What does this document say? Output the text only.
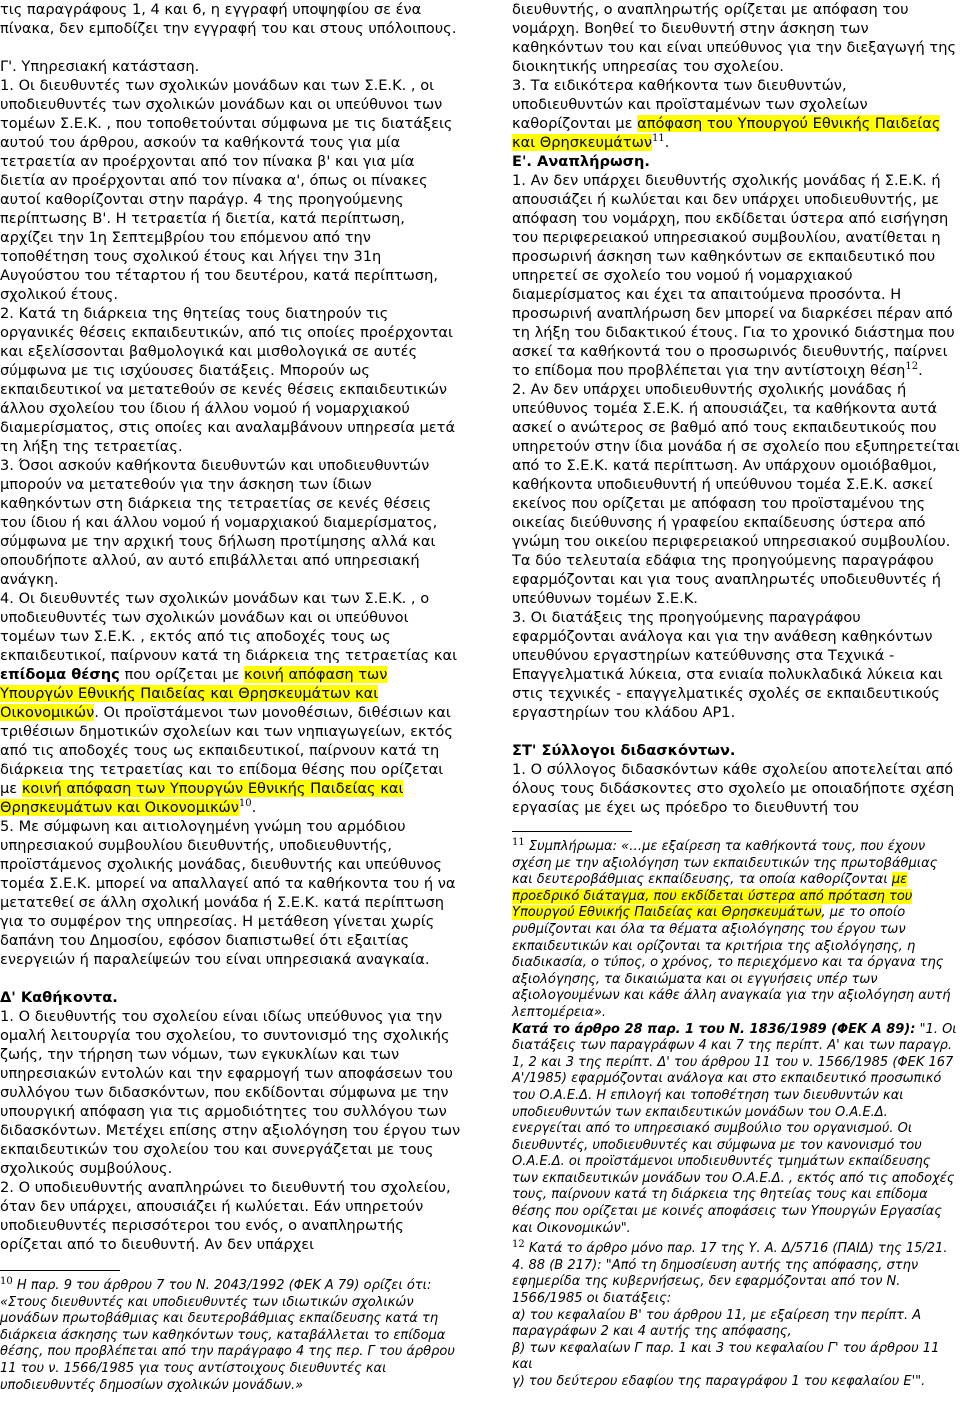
τις παραγράφους 1, 4 και 6, η εγγραφή υποψηφίου σε ένα πίνακα, δεν εμποδίζει την εγγραφή του και στους υπόλοιπους.

Γ'. Υπηρεσιακή κατάσταση.

1. Οι διευθυντές των σχολικών μονάδων και των Σ.Ε.Κ. , οι υποδιευθυντές των σχολικών μονάδων και οι υπεύθυνοι των τομέων Σ.Ε.Κ. , που τοποθετούνται σύμφωνα με τις διατάξεις αυτού του άρθρου, ασκούν τα καθήκοντά τους για μία τετραετία αν προέρχονται από τον πίνακα β' και για μία διετία αν προέρχονται από τον πίνακα α', όπως οι πίνακες αυτοί καθορίζονται στην παράγρ. 4 της προηγούμενης περίπτωσης Β'. Η τετραετία ή διετία, κατά περίπτωση, αρχίζει την 1η Σεπτεμβρίου του επόμενου από την τοποθέτηση τους σχολικού έτους και λήγει την 31η Αυγούστου του τέταρτου ή του δευτέρου, κατά περίπτωση, σχολικού έτους.

2. Κατά τη διάρκεια της θητείας τους διατηρούν τις οργανικές θέσεις εκπαιδευτικών, από τις οποίες προέρχονται και εξελίσσονται βαθμολογικά και μισθολογικά σε αυτές σύμφωνα με τις ισχύουσες διατάξεις. Μπορούν ως εκπαιδευτικοί να μετατεθούν σε κενές θέσεις εκπαιδευτικών άλλου σχολείου του ίδιου ή άλλου νομού ή νομαρχιακού διαμερίσματος, στις οποίες και αναλαμβάνουν υπηρεσία μετά τη λήξη της τετραετίας.

3. Όσοι ασκούν καθήκοντα διευθυντών και υποδιευθυντών μπορούν να μετατεθούν για την άσκηση των ίδιων καθηκόντων στη διάρκεια της τετραετίας σε κενές θέσεις του ίδιου ή και άλλου νομού ή νομαρχιακού διαμερίσματος, σύμφωνα με την αρχική τους δήλωση προτίμησης αλλά και οπουδήποτε αλλού, αν αυτό επιβάλλεται από υπηρεσιακή ανάγκη.

4. Οι διευθυντές των σχολικών μονάδων και των Σ.Ε.Κ. , ο υποδιευθυντές των σχολικών μονάδων και οι υπεύθυνοι τομέων των Σ.Ε.Κ. , εκτός από τις αποδοχές τους ως εκπαιδευτικοί, παίρνουν κατά τη διάρκεια της τετραετίας και επίδομα θέσης που ορίζεται με κοινή απόφαση των Υπουργών Εθνικής Παιδείας και Θρησκευμάτων και Οικονομικών. Οι προϊστάμενοι των μονοθέσιων, διθέσιων και τριθέσιων δημοτικών σχολείων και των νηπιαγωγείων, εκτός από τις αποδοχές τους ως εκπαιδευτικοί, παίρνουν κατά τη διάρκεια της τετραετίας και το επίδομα θέσης που ορίζεται με κοινή απόφαση των Υπουργών Εθνικής Παιδείας και Θρησκευμάτων και Οικονομικών$^{10}$.

5. Με σύμφωνη και αιτιολογημένη γνώμη του αρμόδιου υπηρεσιακού συμβουλίου διευθυντής, υποδιευθυντής, προϊστάμενος σχολικής μονάδας, διευθυντής και υπεύθυνος τομέα Σ.Ε.Κ. μπορεί να απαλλαγεί από τα καθήκοντα του ή να μετατεθεί σε άλλη σχολική μονάδα ή Σ.Ε.Κ. κατά περίπτωση για το συμφέρον της υπηρεσίας. Η μετάθεση γίνεται χωρίς δαπάνη του Δημοσίου, εφόσον διαπιστωθεί ότι εξαιτίας ενεργειών ή παραλείψεών του είναι υπηρεσιακά αναγκαία.

Δ' Καθήκοντα.

1. Ο διευθυντής του σχολείου είναι ιδίως υπεύθυνος για την ομαλή λειτουργία του σχολείου, το συντονισμό της σχολικής ζωής, την τήρηση των νόμων, των εγκυκλίων και των υπηρεσιακών εντολών και την εφαρμογή των αποφάσεων του συλλόγου των διδασκόντων, που εκδίδονται σύμφωνα με την υπουργική απόφαση για τις αρμοδιότητες του συλλόγου των διδασκόντων. Μετέχει επίσης στην αξιολόγηση του έργου των εκπαιδευτικών του σχολείου του και συνεργάζεται με τους σχολικούς συμβούλους.

2. Ο υποδιευθυντής αναπληρώνει το διευθυντή του σχολείου, όταν δεν υπάρχει, απουσιάζει ή κωλύεται. Εάν υπηρετούν υποδιευθυντές περισσότεροι του ενός, ο αναπληρωτής ορίζεται από το διευθυντή. Αν δεν υπάρχει

$^{10}$ Η παρ. 9 του άρθρου 7 του Ν. 2043/1992 (ΦΕΚ Α 79) ορίζει ότι: «Στους διευθυντές και υποδιευθυντές των ιδιωτικών σχολικών μονάδων πρωτοβάθμιας και δευτεροβάθμιας εκπαίδευσης κατά τη διάρκεια άσκησης των καθηκόντων τους, καταβάλλεται το επίδομα θέσης, που προβλέπεται από την παράγραφο 4 της περ. Γ του άρθρου 11 του ν. 1566/1985 για τους αντίστοιχους διευθυντές και υποδιευθυντές δημοσίων σχολικών μονάδων.»

διευθυντής, ο αναπληρωτής ορίζεται με απόφαση του νομάρχη. Βοηθεί το διευθυντή στην άσκηση των καθηκόντων του και είναι υπεύθυνος για την διεξαγωγή της διοικητικής υπηρεσίας του σχολείου.

3. Τα ειδικότερα καθήκοντα των διευθυντών, υποδιευθυντών και προϊσταμένων των σχολείων καθορίζονται με απόφαση του Υπουργού Εθνικής Παιδείας και Θρησκευμάτων$^{11}$.

Ε'. Αναπλήρωση.

1. Αν δεν υπάρχει διευθυντής σχολικής μονάδας ή Σ.Ε.Κ. ή απουσιάζει ή κωλύεται και δεν υπάρχει υποδιευθυντής, με απόφαση του νομάρχη, που εκδίδεται ύστερα από εισήγηση του περιφερειακού υπηρεσιακού συμβουλίου, ανατίθεται η προσωρινή άσκηση των καθηκόντων σε εκπαιδευτικό που υπηρετεί σε σχολείο του νομού ή νομαρχιακού διαμερίσματος και έχει τα απαιτούμενα προσόντα. Η προσωρινή αναπλήρωση δεν μπορεί να διαρκέσει πέραν από τη λήξη του διδακτικού έτους. Για το χρονικό διάστημα που ασκεί τα καθήκοντά του ο προσωρινός διευθυντής, παίρνει το επίδομα που προβλέπεται για την αντίστοιχη θέση$^{12}$.

2. Αν δεν υπάρχει υποδιευθυντής σχολικής μονάδας ή υπεύθυνος τομέα Σ.Ε.Κ. ή απουσιάζει, τα καθήκοντα αυτά ασκεί ο ανώτερος σε βαθμό από τους εκπαιδευτικούς που υπηρετούν στην ίδια μονάδα ή σε σχολείο που εξυπηρετείται από το Σ.Ε.Κ. κατά περίπτωση. Αν υπάρχουν ομοιόβαθμοι, καθήκοντα υποδιευθυντή ή υπεύθυνου τομέα Σ.Ε.Κ. ασκεί εκείνος που ορίζεται με απόφαση του προϊσταμένου της οικείας διεύθυνσης ή γραφείου εκπαίδευσης ύστερα από γνώμη του οικείου περιφερειακού υπηρεσιακού συμβουλίου.

Τα δύο τελευταία εδάφια της προηγούμενης παραγράφου εφαρμόζονται και για τους αναπληρωτές υποδιευθυντές ή υπεύθυνων τομέων Σ.Ε.Κ.

3. Οι διατάξεις της προηγούμενης παραγράφου εφαρμόζονται ανάλογα και για την ανάθεση καθηκόντων υπευθύνου εργαστηρίων κατεύθυνσης στα Τεχνικά - Επαγγελματικά λύκεια, στα ενιαία πολυκλαδικά λύκεια και στις τεχνικές - επαγγελματικές σχολές σε εκπαιδευτικούς εργαστηρίων του κλάδου ΑΡ1.

ΣΤ' Σύλλογοι διδασκόντων.

1. Ο σύλλογος διδασκόντων κάθε σχολείου αποτελείται από όλους τους διδάσκοντες στο σχολείο με οποιαδήποτε σχέση εργασίας με έχει ως πρόεδρο το διευθυντή του

$^{11}$ Συμπλήρωμα: «…με εξαίρεση τα καθήκοντά τους, που έχουν σχέση με την αξιολόγηση των εκπαιδευτικών της πρωτοβάθμιας και δευτεροβάθμιας εκπαίδευσης, τα οποία καθορίζονται με προεδρικό διάταγμα, που εκδίδεται ύστερα από πρόταση του Υπουργού Εθνικής Παιδείας και Θρησκευμάτων, με το οποίο ρυθμίζονται και όλα τα θέματα αξιολόγησης του έργου των εκπαιδευτικών και ορίζονται τα κριτήρια της αξιολόγησης, η διαδικασία, ο τύπος, ο χρόνος, το περιεχόμενο και τα όργανα της αξιολόγησης, τα δικαιώματα και οι εγγυήσεις υπέρ των αξιολογουμένων και κάθε άλλη αναγκαία για την αξιολόγηση αυτή λεπτομέρεια».

Κατά το άρθρο 28 παρ. 1 του Ν. 1836/1989 (ΦΕΚ Α 89): "1. Οι διατάξεις των παραγράφων 4 και 7 της περίπτ. Α' και των παραγρ. 1, 2 και 3 της περίπτ. Δ' του άρθρου 11 του ν. 1566/1985 (ΦΕΚ 167 Α'/1985) εφαρμόζονται ανάλογα και στο εκπαιδευτικό προσωπικό του Ο.Α.Ε.Δ. Η επιλογή και τοποθέτηση των διευθυντών και υποδιευθυντών των εκπαιδευτικών μονάδων του Ο.Α.Ε.Δ. ενεργείται από το υπηρεσιακό συμβούλιο του οργανισμού. Οι διευθυντές, υποδιευθυντές και σύμφωνα με τον κανονισμό του Ο.Α.Ε.Δ. οι προϊστάμενοι υποδιευθυντές τμημάτων εκπαίδευσης των εκπαιδευτικών μονάδων του Ο.Α.Ε.Δ. , εκτός από τις αποδοχές τους, παίρνουν κατά τη διάρκεια της θητείας τους και επίδομα θέσης που ορίζεται με κοινές αποφάσεις των Υπουργών Εργασίας και Οικονομικών".

$^{12}$ Κατά το άρθρο μόνο παρ. 17 της Υ. Α. Δ/5716 (ΠΑΙΔ) της 15/21. 4. 88 (Β 217): "Από τη δημοσίευση αυτής της απόφασης, στην εφημερίδα της κυβερνήσεως, δεν εφαρμόζονται από τον Ν. 1566/1985 οι διατάξεις:

α) του κεφαλαίου Β' του άρθρου 11, με εξαίρεση την περίπτ. Α παραγράφων 2 και 4 αυτής της απόφασης,

β) των κεφαλαίων Γ παρ. 1 και 3 του κεφαλαίου Γ' του άρθρου 11 και

γ) του δεύτερου εδαφίου της παραγράφου 1 του κεφαλαίου Ε'".
